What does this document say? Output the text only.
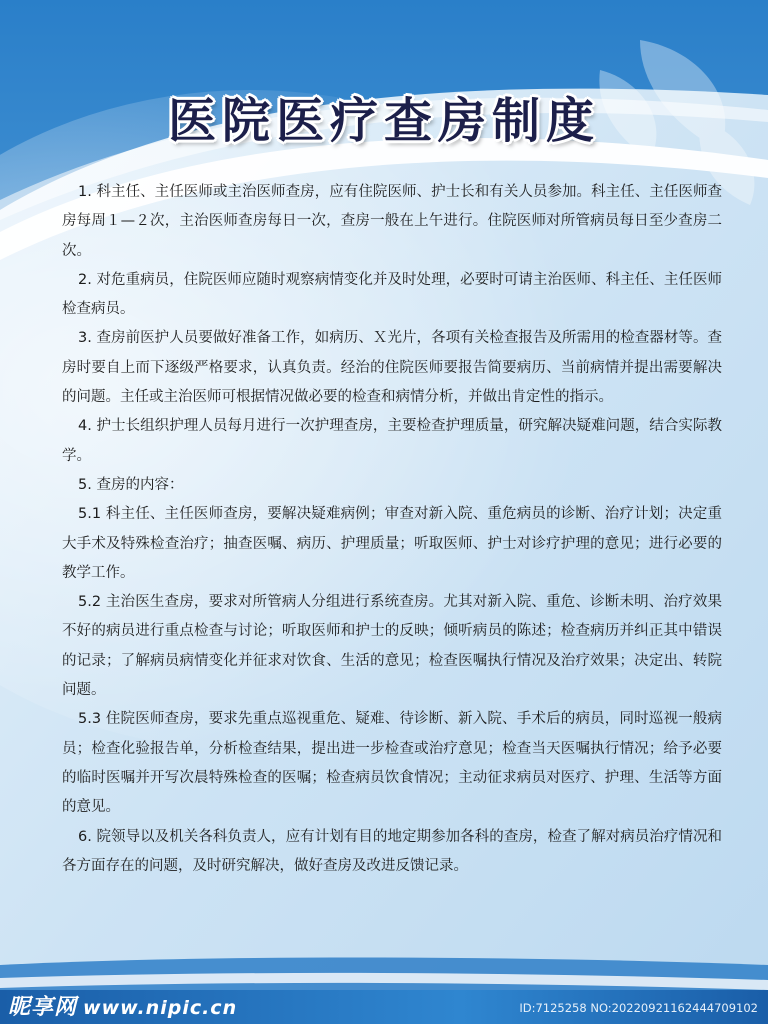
医院医疗查房制度

1. 科主任、主任医师或主治医师查房，应有住院医师、护士长和有关人员参加。科主任、主任医师查房每周１—２次，主治医师查房每日一次，查房一般在上午进行。住院医师对所管病员每日至少查房二次。

2. 对危重病员，住院医师应随时观察病情变化并及时处理，必要时可请主治医师、科主任、主任医师检查病员。

3. 查房前医护人员要做好准备工作，如病历、Ｘ光片，各项有关检查报告及所需用的检查器材等。查房时要自上而下逐级严格要求，认真负责。经治的住院医师要报告简要病历、当前病情并提出需要解决的问题。主任或主治医师可根据情况做必要的检查和病情分析，并做出肯定性的指示。

4. 护士长组织护理人员每月进行一次护理查房，主要检查护理质量，研究解决疑难问题，结合实际教学。

5. 查房的内容：

5.1 科主任、主任医师查房，要解决疑难病例；审查对新入院、重危病员的诊断、治疗计划；决定重大手术及特殊检查治疗；抽查医嘱、病历、护理质量；听取医师、护士对诊疗护理的意见；进行必要的教学工作。

5.2 主治医生查房，要求对所管病人分组进行系统查房。尤其对新入院、重危、诊断未明、治疗效果不好的病员进行重点检查与讨论；听取医师和护士的反映；倾听病员的陈述；检查病历并纠正其中错误的记录；了解病员病情变化并征求对饮食、生活的意见；检查医嘱执行情况及治疗效果；决定出、转院问题。

5.3 住院医师查房，要求先重点巡视重危、疑难、待诊断、新入院、手术后的病员，同时巡视一般病员；检查化验报告单，分析检查结果，提出进一步检查或治疗意见；检查当天医嘱执行情况；给予必要的临时医嘱并开写次晨特殊检查的医嘱；检查病员饮食情况；主动征求病员对医疗、护理、生活等方面的意见。

6. 院领导以及机关各科负责人，应有计划有目的地定期参加各科的查房，检查了解对病员治疗情况和各方面存在的问题，及时研究解决，做好查房及改进反馈记录。

昵享网 www.nipic.cn	ID:7125258 NO:20220921162444709102
